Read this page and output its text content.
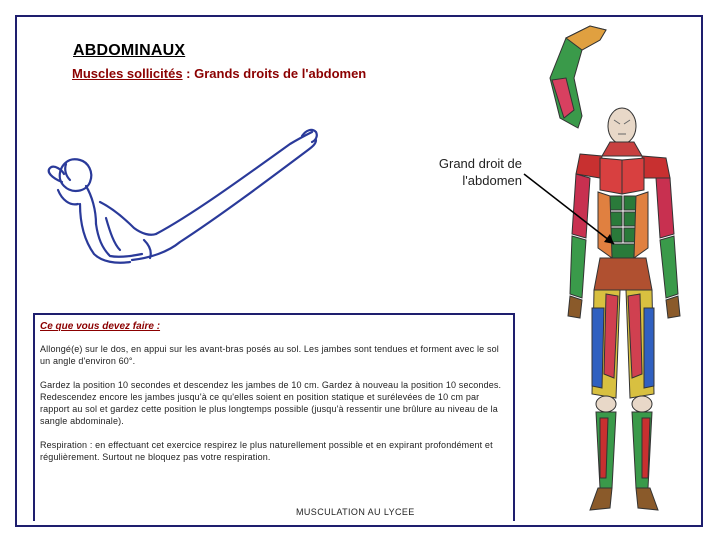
ABDOMINAUX
Muscles sollicités : Grands droits de l'abdomen
Grand droit de l'abdomen

Ce que vous devez faire :

Allongé(e) sur le dos, en appui sur les avant-bras posés au sol. Les jambes sont tendues et forment avec le sol un angle d'environ 60°.

Gardez la position 10 secondes et descendez les jambes de 10 cm. Gardez à nouveau la position 10 secondes. Redescendez encore les jambes jusqu'à ce qu'elles soient en position statique et surélevées de 10 cm par rapport au sol et gardez cette position le plus longtemps possible (jusqu'à ressentir une brûlure au niveau de la sangle abdominale).

Respiration : en effectuant cet exercice respirez le plus naturellement possible et en expirant profondément et régulièrement. Surtout ne bloquez pas votre respiration.

MUSCULATION AU LYCEE
